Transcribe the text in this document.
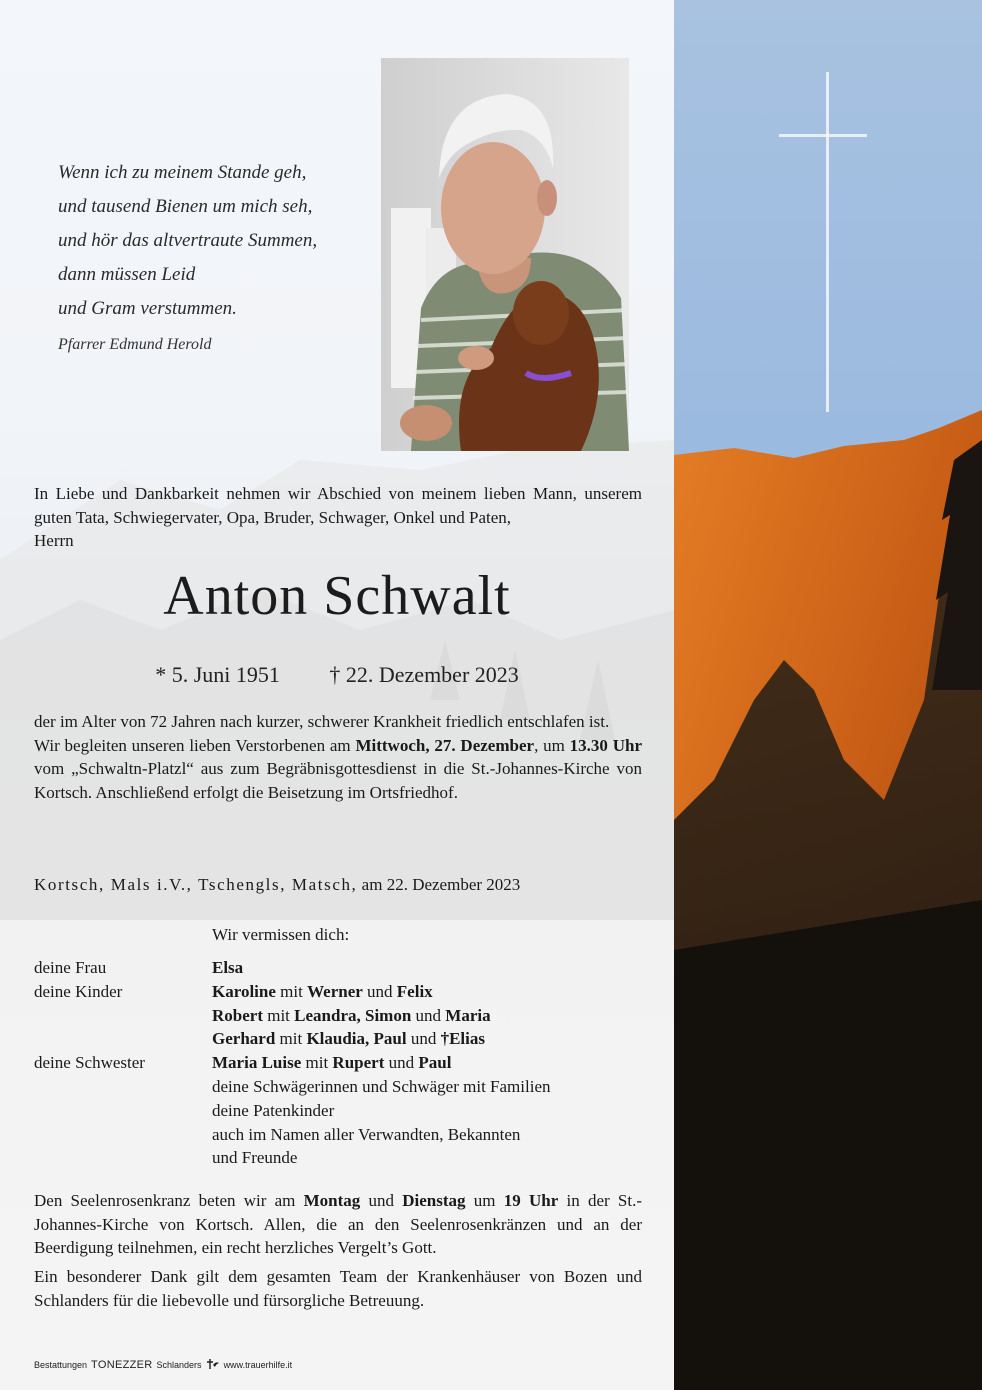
Wenn ich zu meinem Stande geh,
und tausend Bienen um mich seh,
und hör das altvertraute Summen,
dann müssen Leid
und Gram verstummen.
Pfarrer Edmund Herold
In Liebe und Dankbarkeit nehmen wir Abschied von meinem lieben Mann, unserem guten Tata, Schwiegervater, Opa, Bruder, Schwager, Onkel und Paten,
Herrn
Anton Schwalt
* 5. Juni 1951 † 22. Dezember 2023
der im Alter von 72 Jahren nach kurzer, schwerer Krankheit friedlich entschlafen ist.
Wir begleiten unseren lieben Verstorbenen am Mittwoch, 27. Dezember, um 13.30 Uhr vom „Schwaltn-Platzl“ aus zum Begräbnisgottesdienst in die St.-Johannes-Kirche von Kortsch. Anschließend erfolgt die Beisetzung im Ortsfriedhof.
Kortsch, Mals i.V., Tschengls, Matsch, am 22. Dezember 2023
Wir vermissen dich:
deine Frau	Elsa
deine Kinder	Karoline mit Werner und Felix
Robert mit Leandra, Simon und Maria
Gerhard mit Klaudia, Paul und †Elias
deine Schwester	Maria Luise mit Rupert und Paul
deine Schwägerinnen und Schwäger mit Familien
deine Patenkinder
auch im Namen aller Verwandten, Bekannten
und Freunde
Den Seelenrosenkranz beten wir am Montag und Dienstag um 19 Uhr in der St.-Johannes-Kirche von Kortsch. Allen, die an den Seelenrosenkränzen und an der Beerdigung teilnehmen, ein recht herzliches Vergelt’s Gott.
Ein besonderer Dank gilt dem gesamten Team der Krankenhäuser von Bozen und Schlanders für die liebevolle und fürsorgliche Betreuung.
Bestattungen TONEZZER Schlanders www.trauerhilfe.it
